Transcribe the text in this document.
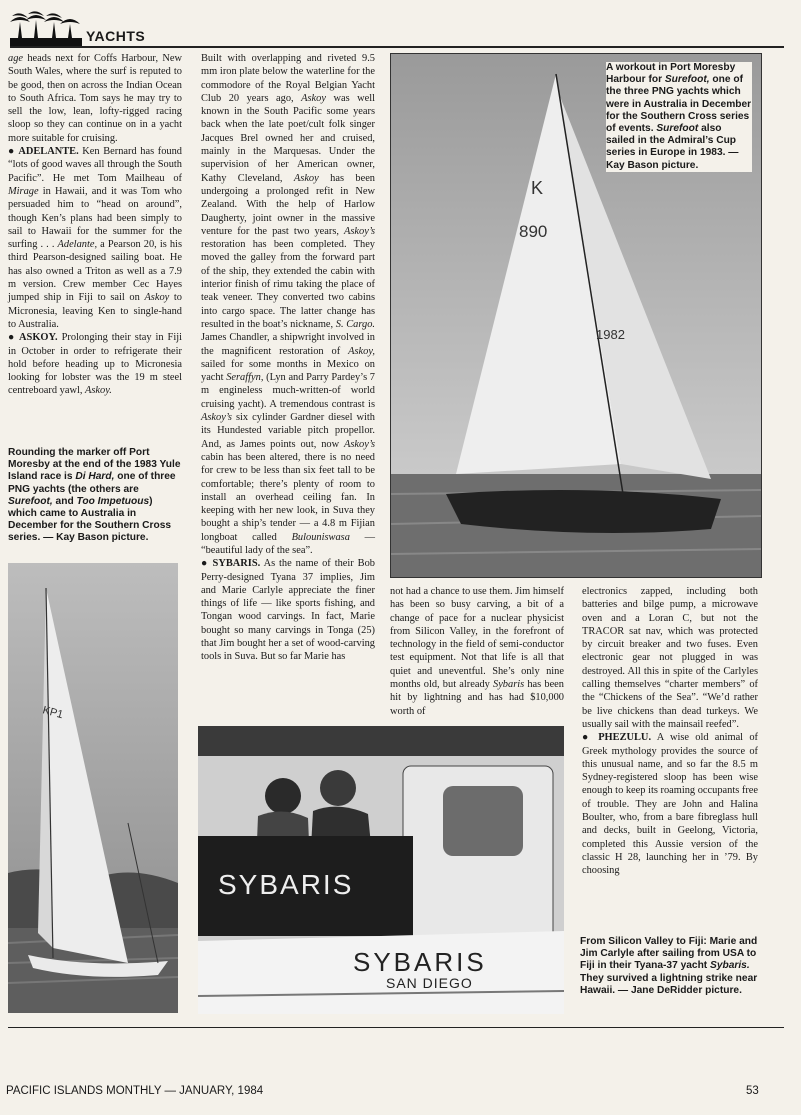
YACHTS

age heads next for Coffs Harbour, New South Wales, where the surf is reputed to be good, then on across the Indian Ocean to South Africa. Tom says he may try to sell the low, lean, lofty-rigged racing sloop so they can continue on in a yacht more suitable for cruising.

● ADELANTE. Ken Bernard has found “lots of good waves all through the South Pacific”. He met Tom Mailheau of Mirage in Hawaii, and it was Tom who persuaded him to “head on around”, though Ken’s plans had been simply to sail to Hawaii for the summer for the surfing . . . Adelante, a Pearson 20, is his third Pearson-designed sailing boat. He has also owned a Triton as well as a 7.9 m version. Crew member Cec Hayes jumped ship in Fiji to sail on Askoy to Micronesia, leaving Ken to single-hand to Australia.

● ASKOY. Prolonging their stay in Fiji in October in order to refrigerate their hold before heading up to Micronesia looking for lobster was the 19 m steel centreboard yawl, Askoy.

Rounding the marker off Port Moresby at the end of the 1983 Yule Island race is Di Hard, one of three PNG yachts (the others are Surefoot, and Too Impetuous) which came to Australia in December for the Southern Cross series. — Kay Bason picture.
KP1

Built with overlapping and riveted 9.5 mm iron plate below the waterline for the commodore of the Royal Belgian Yacht Club 20 years ago, Askoy was well known in the South Pacific some years back when the late poet/cult folk singer Jacques Brel owned her and cruised, mainly in the Marquesas. Under the supervision of her American owner, Kathy Cleveland, Askoy has been undergoing a prolonged refit in New Zealand. With the help of Harlow Daugherty, joint owner in the massive venture for the past two years, Askoy’s restoration has been completed. They moved the galley from the forward part of the ship, they extended the cabin with interior finish of rimu taking the place of teak veneer. They converted two cabins into cargo space. The latter change has resulted in the boat’s nickname, S. Cargo. James Chandler, a shipwright involved in the magnificent restoration of Askoy, sailed for some months in Mexico on yacht Seraffyn, (Lyn and Parry Pardey’s 7 m engineless much-written-of world cruising yacht). A tremendous contrast is Askoy’s six cylinder Gardner diesel with its Hundested variable pitch propellor. And, as James points out, now Askoy’s cabin has been altered, there is no need for crew to be less than six feet tall to be comfortable; there’s plenty of room to install an overhead ceiling fan. In keeping with her new look, in Suva they bought a ship’s tender — a 4.8 m Fijian longboat called Bulouniswasa — “beautiful lady of the sea”.

● SYBARIS. As the name of their Bob Perry-designed Tyana 37 implies, Jim and Marie Carlyle appreciate the finer things of life — like sports fishing, and Tongan wood carvings. In fact, Marie bought so many carvings in Tonga (25) that Jim bought her a set of wood-carving tools in Suva. But so far Marie has

K
890
1982
A workout in Port Moresby Harbour for Surefoot, one of the three PNG yachts which were in Australia in December for the Southern Cross series of events. Surefoot also sailed in the Admiral’s Cup series in Europe in 1983. — Kay Bason picture.

not had a chance to use them. Jim himself has been so busy carving, a bit of a change of pace for a nuclear physicist from Silicon Valley, in the forefront of technology in the field of semi-conductor test equipment. Not that life is all that quiet and uneventful. She’s only nine months old, but already Sybaris has been hit by lightning and has had $10,000 worth of

electronics zapped, including both batteries and bilge pump, a microwave oven and a Loran C, but not the TRACOR sat nav, which was protected by circuit breaker and two fuses. Even electronic gear not plugged in was destroyed. All this in spite of the Carlyles calling themselves “charter members” of the “Chickens of the Sea”. “We’d rather be live chickens than dead turkeys. We usually sail with the mainsail reefed”.

● PHEZULU. A wise old animal of Greek mythology provides the source of this unusual name, and so far the 8.5 m Sydney-registered sloop has been wise enough to keep its roaming occupants free of trouble. They are John and Halina Boulter, who, from a bare fibreglass hull and decks, built in Geelong, Victoria, completed this Aussie version of the classic H 28, launching her in ’79. By choosing

SYBARIS
SYBARIS
SAN DIEGO
From Silicon Valley to Fiji: Marie and Jim Carlyle after sailing from USA to Fiji in their Tyana-37 yacht Sybaris. They survived a lightning strike near Hawaii. — Jane DeRidder picture.
PACIFIC ISLANDS MONTHLY — JANUARY, 1984	53
